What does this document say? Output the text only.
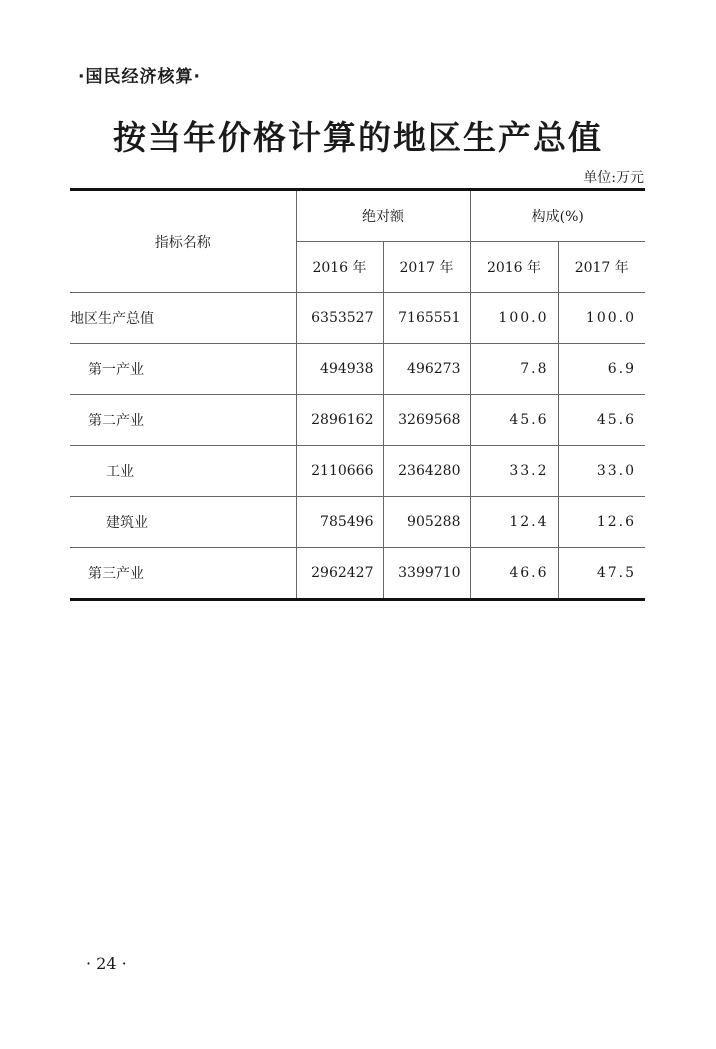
·国民经济核算·
按当年价格计算的地区生产总值
单位:万元
指标名称	绝对额		构成(%)	
	2016 年	2017 年	2016 年	2017 年
地区生产总值	6353527	7165551	100.0	100.0
第一产业	494938	496273	7.8	6.9
第二产业	2896162	3269568	45.6	45.6
工业	2110666	2364280	33.2	33.0
建筑业	785496	905288	12.4	12.6
第三产业	2962427	3399710	46.6	47.5
· 24 ·
